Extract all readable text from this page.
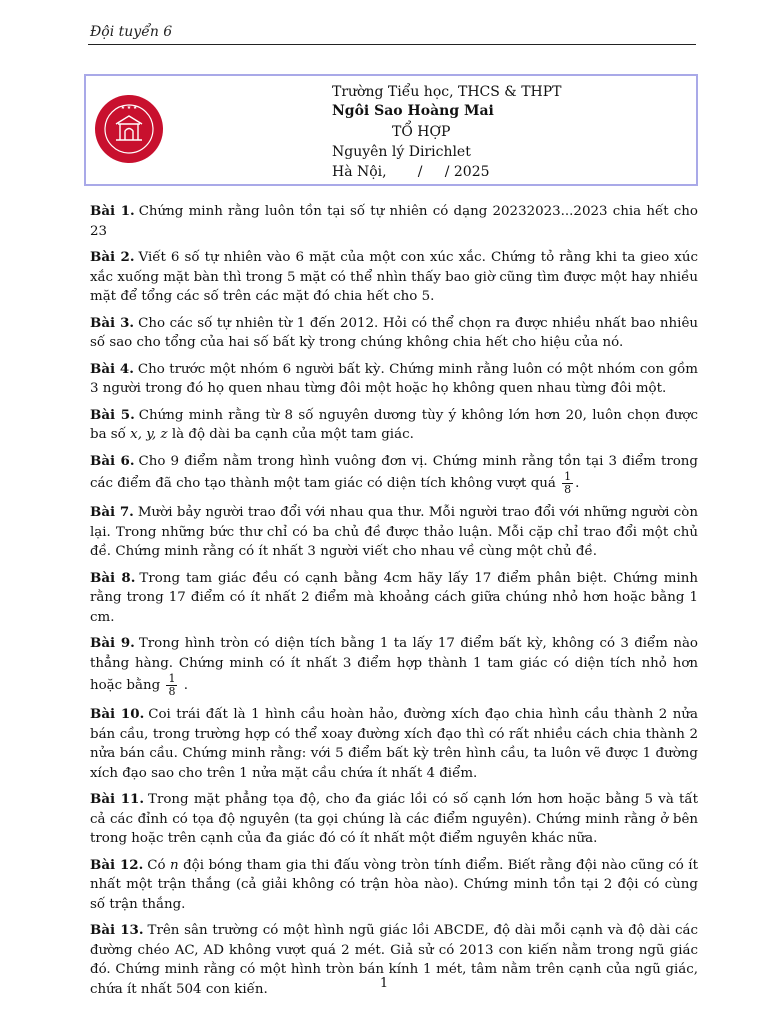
Đội tuyển 6
★ ★ ★
Trường Tiểu học, THCS & THPT
Ngôi Sao Hoàng Mai
TỔ HỢP
Nguyên lý Dirichlet
Hà Nội,       /     / 2025

Bài 1. Chứng minh rằng luôn tồn tại số tự nhiên có dạng 20232023...2023 chia hết cho 23

Bài 2. Viết 6 số tự nhiên vào 6 mặt của một con xúc xắc. Chứng tỏ rằng khi ta gieo xúc xắc xuống mặt bàn thì trong 5 mặt có thể nhìn thấy bao giờ cũng tìm được một hay nhiều mặt để tổng các số trên các mặt đó chia hết cho 5.

Bài 3. Cho các số tự nhiên từ 1 đến 2012. Hỏi có thể chọn ra được nhiều nhất bao nhiêu số sao cho tổng của hai số bất kỳ trong chúng không chia hết cho hiệu của nó.

Bài 4. Cho trước một nhóm 6 người bất kỳ. Chứng minh rằng luôn có một nhóm con gồm 3 người trong đó họ quen nhau từng đôi một hoặc họ không quen nhau từng đôi một.

Bài 5. Chứng minh rằng từ 8 số nguyên dương tùy ý không lớn hơn 20, luôn chọn được ba số x, y, z là độ dài ba cạnh của một tam giác.

Bài 6. Cho 9 điểm nằm trong hình vuông đơn vị. Chứng minh rằng tồn tại 3 điểm trong các điểm đã cho tạo thành một tam giác có diện tích không vượt quá $\frac{1}{8}$ .

Bài 7. Mười bảy người trao đổi với nhau qua thư. Mỗi người trao đổi với những người còn lại. Trong những bức thư chỉ có ba chủ đề được thảo luận. Mỗi cặp chỉ trao đổi một chủ đề. Chứng minh rằng có ít nhất 3 người viết cho nhau về cùng một chủ đề.

Bài 8. Trong tam giác đều có cạnh bằng 4cm hãy lấy 17 điểm phân biệt. Chứng minh rằng trong 17 điểm có ít nhất 2 điểm mà khoảng cách giữa chúng nhỏ hơn hoặc bằng 1 cm.

Bài 9. Trong hình tròn có diện tích bằng 1 ta lấy 17 điểm bất kỳ, không có 3 điểm nào thẳng hàng. Chứng minh có ít nhất 3 điểm hợp thành 1 tam giác có diện tích nhỏ hơn hoặc bằng $\frac{1}{8}$ .

Bài 10. Coi trái đất là 1 hình cầu hoàn hảo, đường xích đạo chia hình cầu thành 2 nửa bán cầu, trong trường hợp có thể xoay đường xích đạo thì có rất nhiều cách chia thành 2 nửa bán cầu. Chứng minh rằng: với 5 điểm bất kỳ trên hình cầu, ta luôn vẽ được 1 đường xích đạo sao cho trên 1 nửa mặt cầu chứa ít nhất 4 điểm.

Bài 11. Trong mặt phẳng tọa độ, cho đa giác lồi có số cạnh lớn hơn hoặc bằng 5 và tất cả các đỉnh có tọa độ nguyên (ta gọi chúng là các điểm nguyên). Chứng minh rằng ở bên trong hoặc trên cạnh của đa giác đó có ít nhất một điểm nguyên khác nữa.

Bài 12. Có n đội bóng tham gia thi đấu vòng tròn tính điểm. Biết rằng đội nào cũng có ít nhất một trận thắng (cả giải không có trận hòa nào). Chứng minh tồn tại 2 đội có cùng số trận thắng.

Bài 13. Trên sân trường có một hình ngũ giác lồi ABCDE, độ dài mỗi cạnh và độ dài các đường chéo AC, AD không vượt quá 2 mét. Giả sử có 2013 con kiến nằm trong ngũ giác đó. Chứng minh rằng có một hình tròn bán kính 1 mét, tâm nằm trên cạnh của ngũ giác, chứa ít nhất 504 con kiến.	1
